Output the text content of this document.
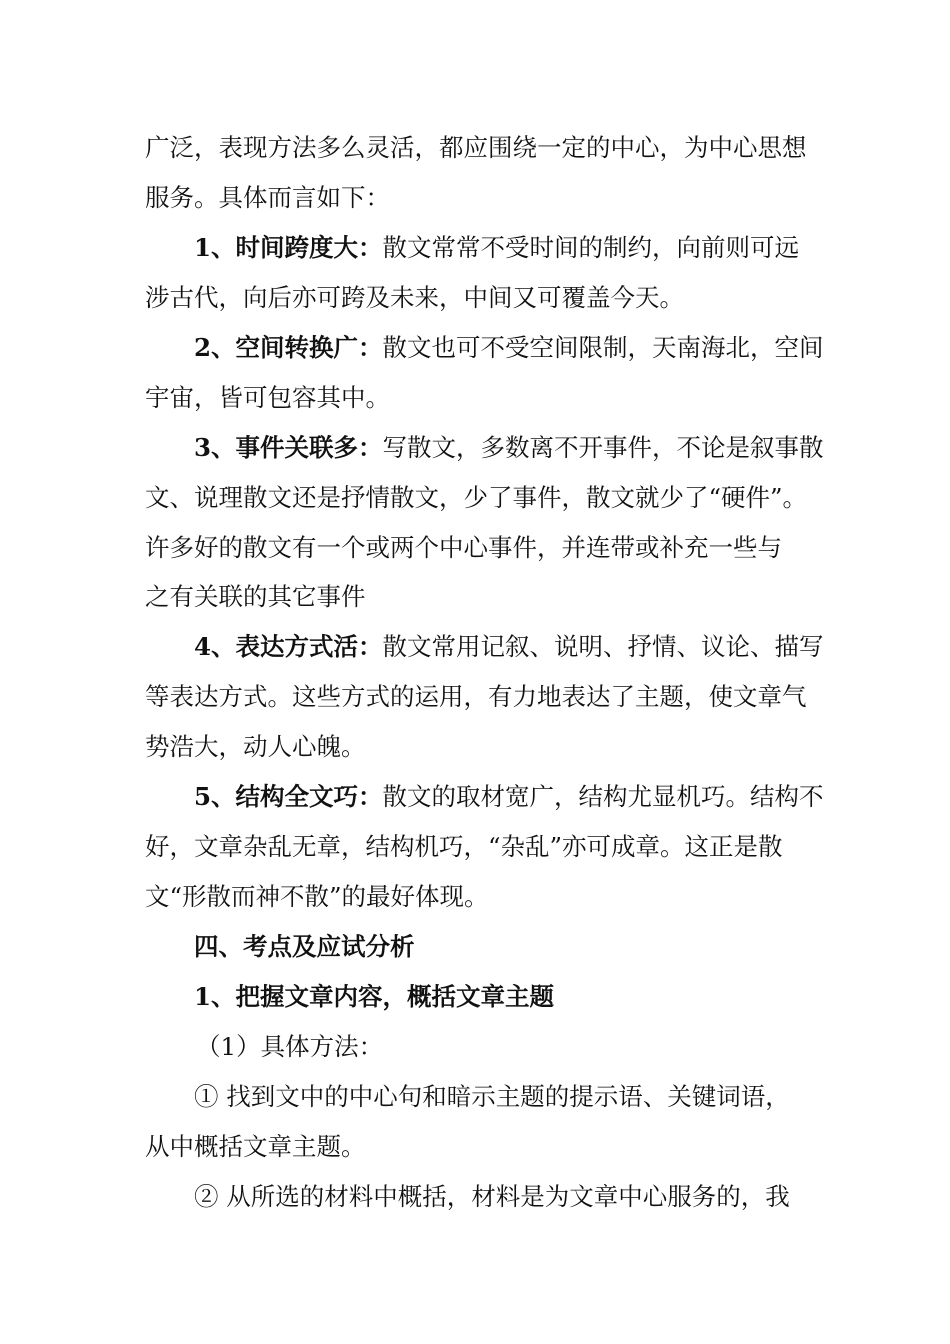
广泛，表现方法多么灵活，都应围绕一定的中心，为中心思想
服务。具体而言如下：
1、时间跨度大：散文常常不受时间的制约，向前则可远
涉古代，向后亦可跨及未来，中间又可覆盖今天。
2、空间转换广：散文也可不受空间限制，天南海北，空间
宇宙，皆可包容其中。
3、事件关联多：写散文，多数离不开事件，不论是叙事散
文、说理散文还是抒情散文，少了事件，散文就少了“硬件”。
许多好的散文有一个或两个中心事件，并连带或补充一些与
之有关联的其它事件
4、表达方式活：散文常用记叙、说明、抒情、议论、描写
等表达方式。这些方式的运用，有力地表达了主题，使文章气
势浩大，动人心魄。
5、结构全文巧：散文的取材宽广，结构尤显机巧。结构不
好，文章杂乱无章，结构机巧，“杂乱”亦可成章。这正是散
文“形散而神不散”的最好体现。
四、考点及应试分析
1、把握文章内容，概括文章主题
（1）具体方法：
① 找到文中的中心句和暗示主题的提示语、关键词语，
从中概括文章主题。
② 从所选的材料中概括，材料是为文章中心服务的，我
